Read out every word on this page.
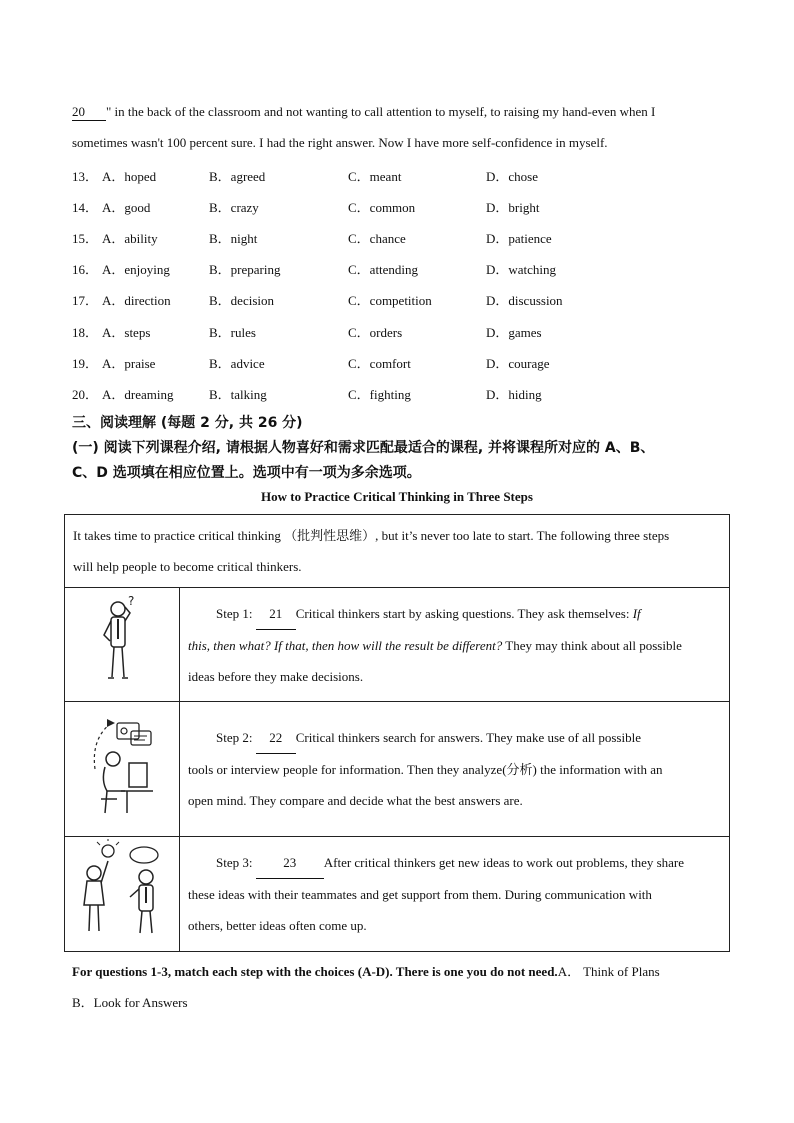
20 " in the back of the classroom and not wanting to call attention to myself, to raising my hand-even when I
sometimes wasn't 100 percent sure. I had the right answer. Now I have more self-confidence in myself.
13． A．hoped	B．agreed	C．meant	D．chose
14． A．good	B．crazy	C．common	D．bright
15． A．ability	B．night	C．chance	D．patience
16． A．enjoying	B．preparing	C．attending	D．watching
17． A．direction	B．decision	C．competition	D．discussion
18． A．steps	B．rules	C．orders	D．games
19． A．praise	B．advice	C．comfort	D．courage
20． A．dreaming	B．talking	C．fighting	D．hiding
三、阅读理解 (每题 2 分, 共 26 分)
(一) 阅读下列课程介绍, 请根据人物喜好和需求匹配最适合的课程, 并将课程所对应的 A、B、
C、D 选项填在相应位置上。选项中有一项为多余选项。
How to Practice Critical Thinking in Three Steps
It takes time to practice critical thinking （批判性思维）, but it’s never too late to start. The following three steps
will help people to become critical thinkers.	

?	Step 1: 21 Critical thinkers start by asking questions. They ask themselves: If
this, then what? If that, then how will the result be different? They may think about all possible
ideas before they make decisions.

Step 2: 22 Critical thinkers search for answers. They make use of all possible
tools or interview people for information. Then they analyze(分析) the information with an
open mind. They compare and decide what the best answers are.

Step 3: 23 After critical thinkers get new ideas to work out problems, they share
these ideas with their teammates and get support from them. During communication with
others, better ideas often come up.
For questions 1-3, match each step with the choices (A-D). There is one you do not need.A． Think of Plans
B．Look for Answers
